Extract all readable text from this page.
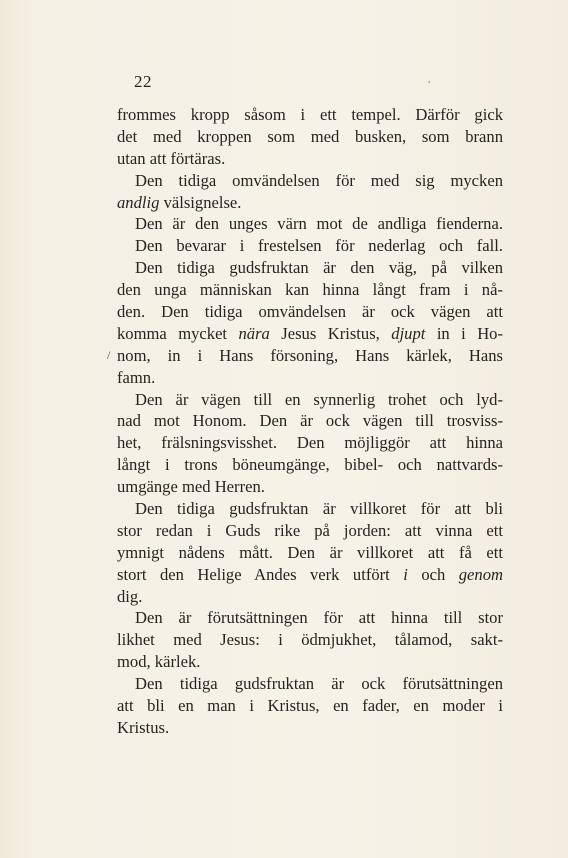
22
/
,
frommes kropp såsom i ett tempel. Därför gick
det med kroppen som med busken, som brann
utan att förtäras.
Den tidiga omvändelsen för med sig mycken
andlig välsignelse.
Den är den unges värn mot de andliga fienderna.
Den bevarar i frestelsen för nederlag och fall.
Den tidiga gudsfruktan är den väg, på vilken
den unga människan kan hinna långt fram i nå-
den. Den tidiga omvändelsen är ock vägen att
komma mycket nära Jesus Kristus, djupt in i Ho-
nom, in i Hans försoning, Hans kärlek, Hans
famn.
Den är vägen till en synnerlig trohet och lyd-
nad mot Honom. Den är ock vägen till trosviss-
het, frälsningsvisshet. Den möjliggör att hinna
långt i trons böneumgänge, bibel- och nattvards-
umgänge med Herren.
Den tidiga gudsfruktan är villkoret för att bli
stor redan i Guds rike på jorden: att vinna ett
ymnigt nådens mått. Den är villkoret att få ett
stort den Helige Andes verk utfört i och genom
dig.
Den är förutsättningen för att hinna till stor
likhet med Jesus: i ödmjukhet, tålamod, sakt-
mod, kärlek.
Den tidiga gudsfruktan är ock förutsättningen
att bli en man i Kristus, en fader, en moder i
Kristus.
